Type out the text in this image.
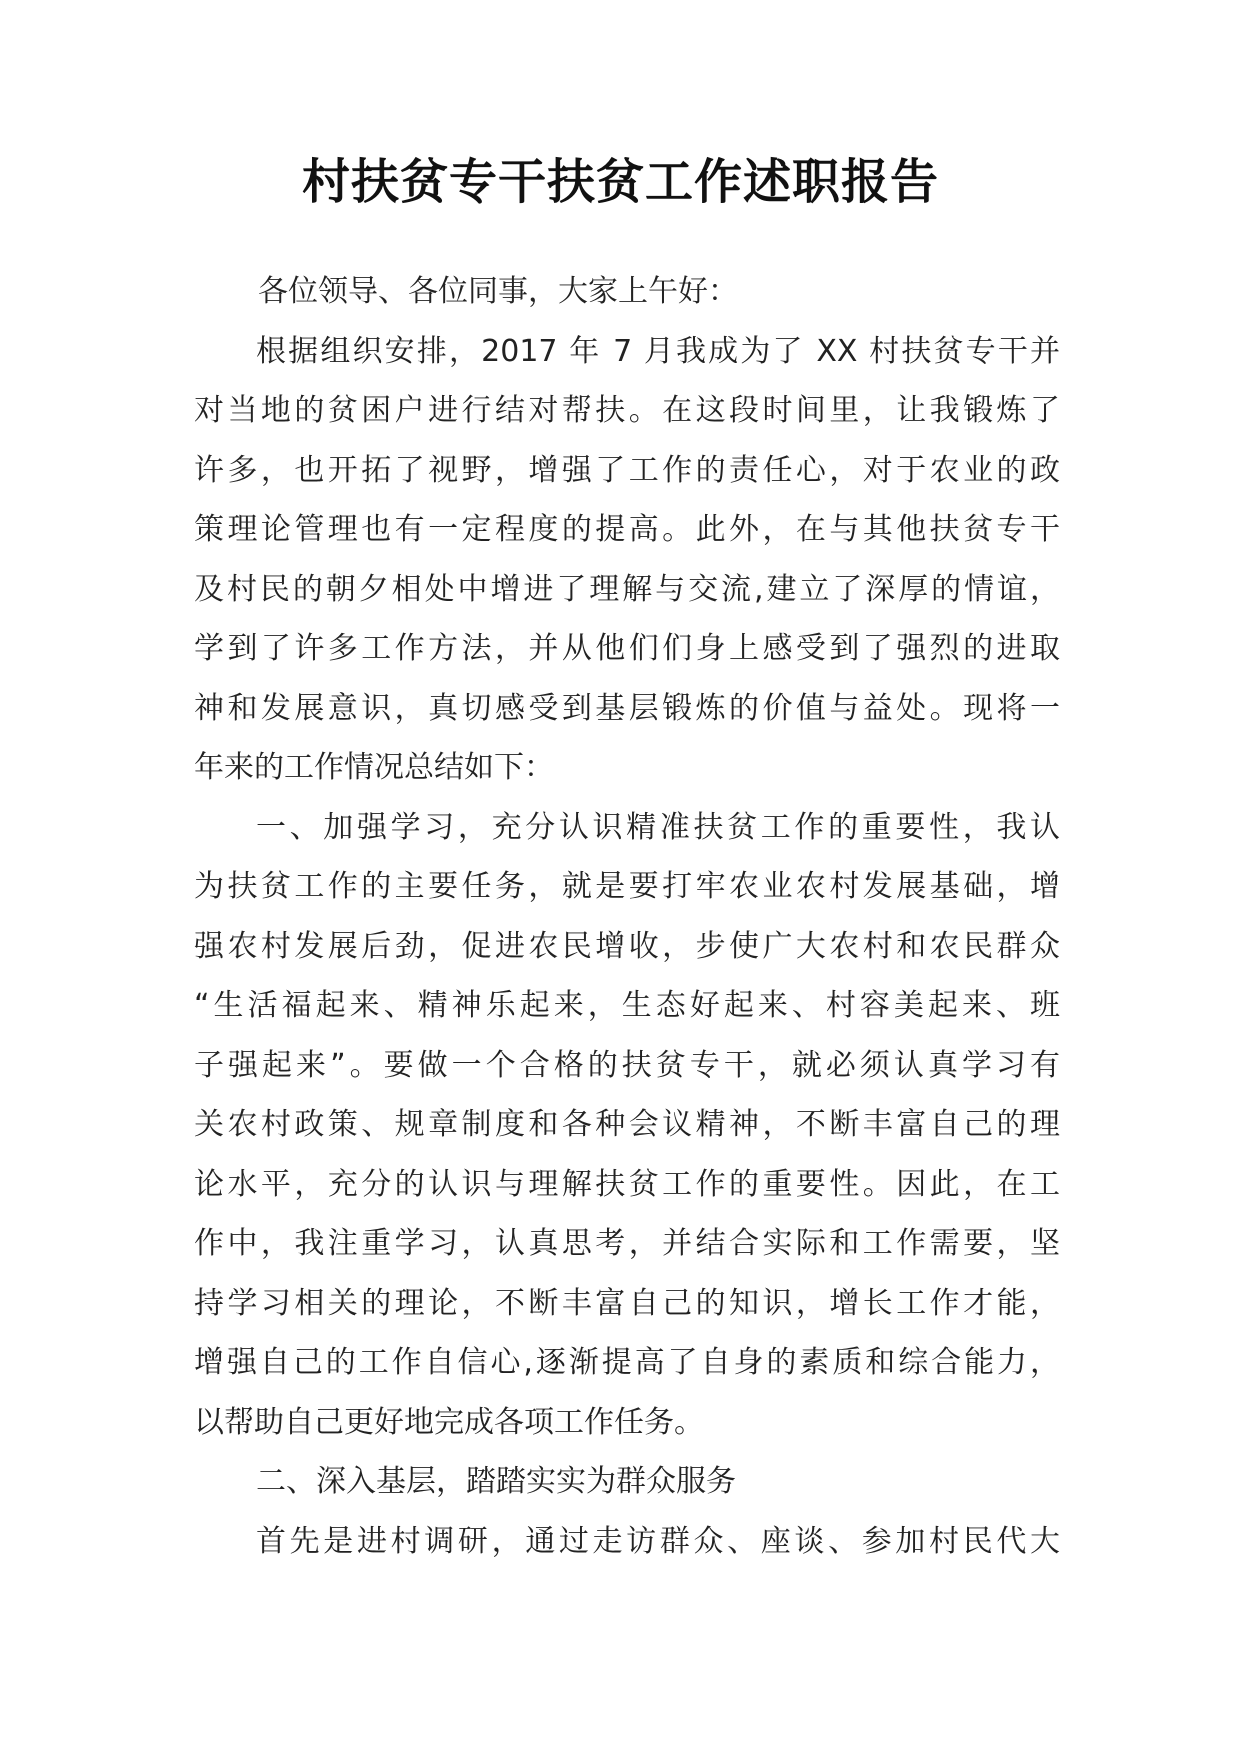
村扶贫专干扶贫工作述职报告
各位领导、各位同事，大家上午好：
根据组织安排，2017 年 7 月我成为了 XX 村扶贫专干并
对当地的贫困户进行结对帮扶。在这段时间里，让我锻炼了
许多，也开拓了视野，增强了工作的责任心，对于农业的政
策理论管理也有一定程度的提高。此外，在与其他扶贫专干
及村民的朝夕相处中增进了理解与交流,建立了深厚的情谊，
学到了许多工作方法，并从他们们身上感受到了强烈的进取
神和发展意识，真切感受到基层锻炼的价值与益处。现将一
年来的工作情况总结如下：
一、加强学习，充分认识精准扶贫工作的重要性，我认
为扶贫工作的主要任务，就是要打牢农业农村发展基础，增
强农村发展后劲，促进农民增收，步使广大农村和农民群众
“生活福起来、精神乐起来，生态好起来、村容美起来、班
子强起来”。要做一个合格的扶贫专干，就必须认真学习有
关农村政策、规章制度和各种会议精神，不断丰富自己的理
论水平，充分的认识与理解扶贫工作的重要性。因此，在工
作中，我注重学习，认真思考，并结合实际和工作需要，坚
持学习相关的理论，不断丰富自己的知识，增长工作才能，
增强自己的工作自信心,逐渐提高了自身的素质和综合能力，
以帮助自己更好地完成各项工作任务。
二、深入基层，踏踏实实为群众服务
首先是进村调研，通过走访群众、座谈、参加村民代大
